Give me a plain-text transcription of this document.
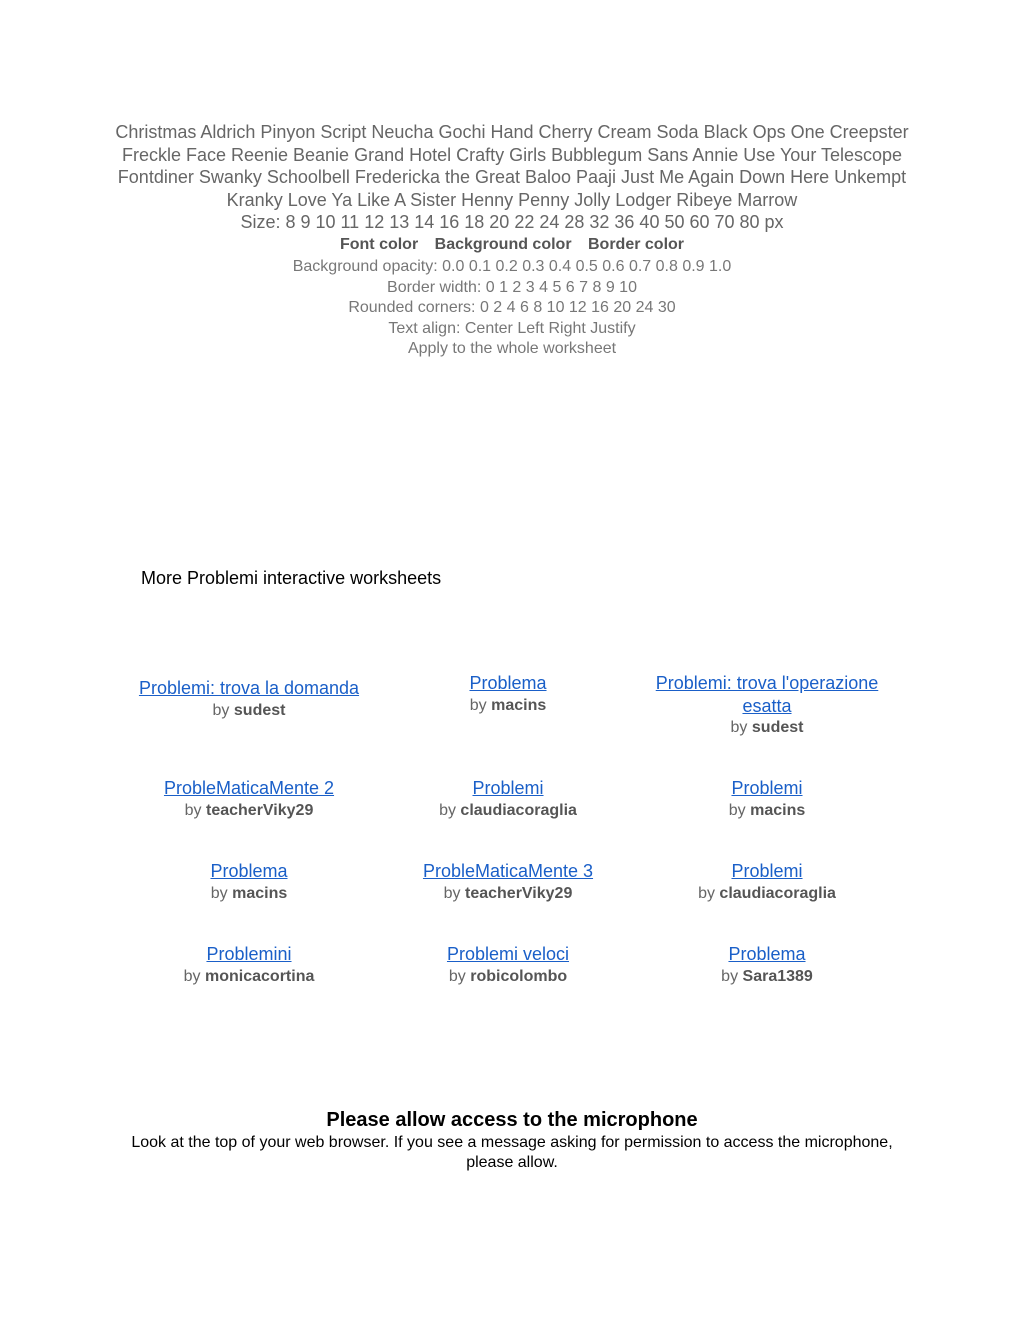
Christmas Aldrich Pinyon Script Neucha Gochi Hand Cherry Cream Soda Black Ops One Creepster Freckle Face Reenie Beanie Grand Hotel Crafty Girls Bubblegum Sans Annie Use Your Telescope Fontdiner Swanky Schoolbell Fredericka the Great Baloo Paaji Just Me Again Down Here Unkempt Kranky Love Ya Like A Sister Henny Penny Jolly Lodger Ribeye Marrow
Size: 8 9 10 11 12 13 14 16 18 20 22 24 28 32 36 40 50 60 70 80 px
Font color Background color Border color
Background opacity: 0.0 0.1 0.2 0.3 0.4 0.5 0.6 0.7 0.8 0.9 1.0
Border width: 0 1 2 3 4 5 6 7 8 9 10
Rounded corners: 0 2 4 6 8 10 12 16 20 24 30
Text align: Center Left Right Justify
Apply to the whole worksheet
More Problemi interactive worksheets
Problemi: trova la domanda
by sudest
Problema
by macins
Problemi: trova l'operazione esatta
by sudest
ProbleMaticaMente 2
by teacherViky29
Problemi
by claudiacoraglia
Problemi
by macins
Problema
by macins
ProbleMaticaMente 3
by teacherViky29
Problemi
by claudiacoraglia
Problemini
by monicacortina
Problemi veloci
by robicolombo
Problema
by Sara1389
Please allow access to the microphone
Look at the top of your web browser. If you see a message asking for permission to access the microphone, please allow.
